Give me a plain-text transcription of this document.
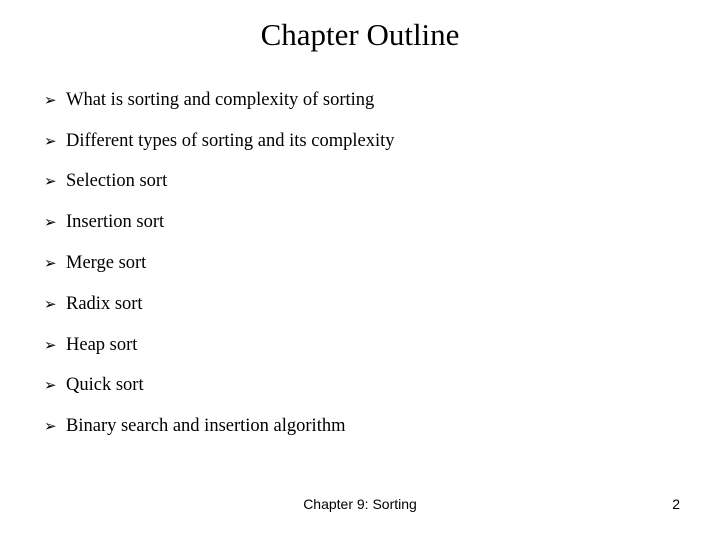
Chapter Outline
➢ What is sorting and complexity of sorting
➢ Different types of sorting and its complexity
➢ Selection sort
➢ Insertion sort
➢ Merge sort
➢ Radix sort
➢ Heap sort
➢ Quick sort
➢ Binary search and insertion algorithm
Chapter 9: Sorting	2
